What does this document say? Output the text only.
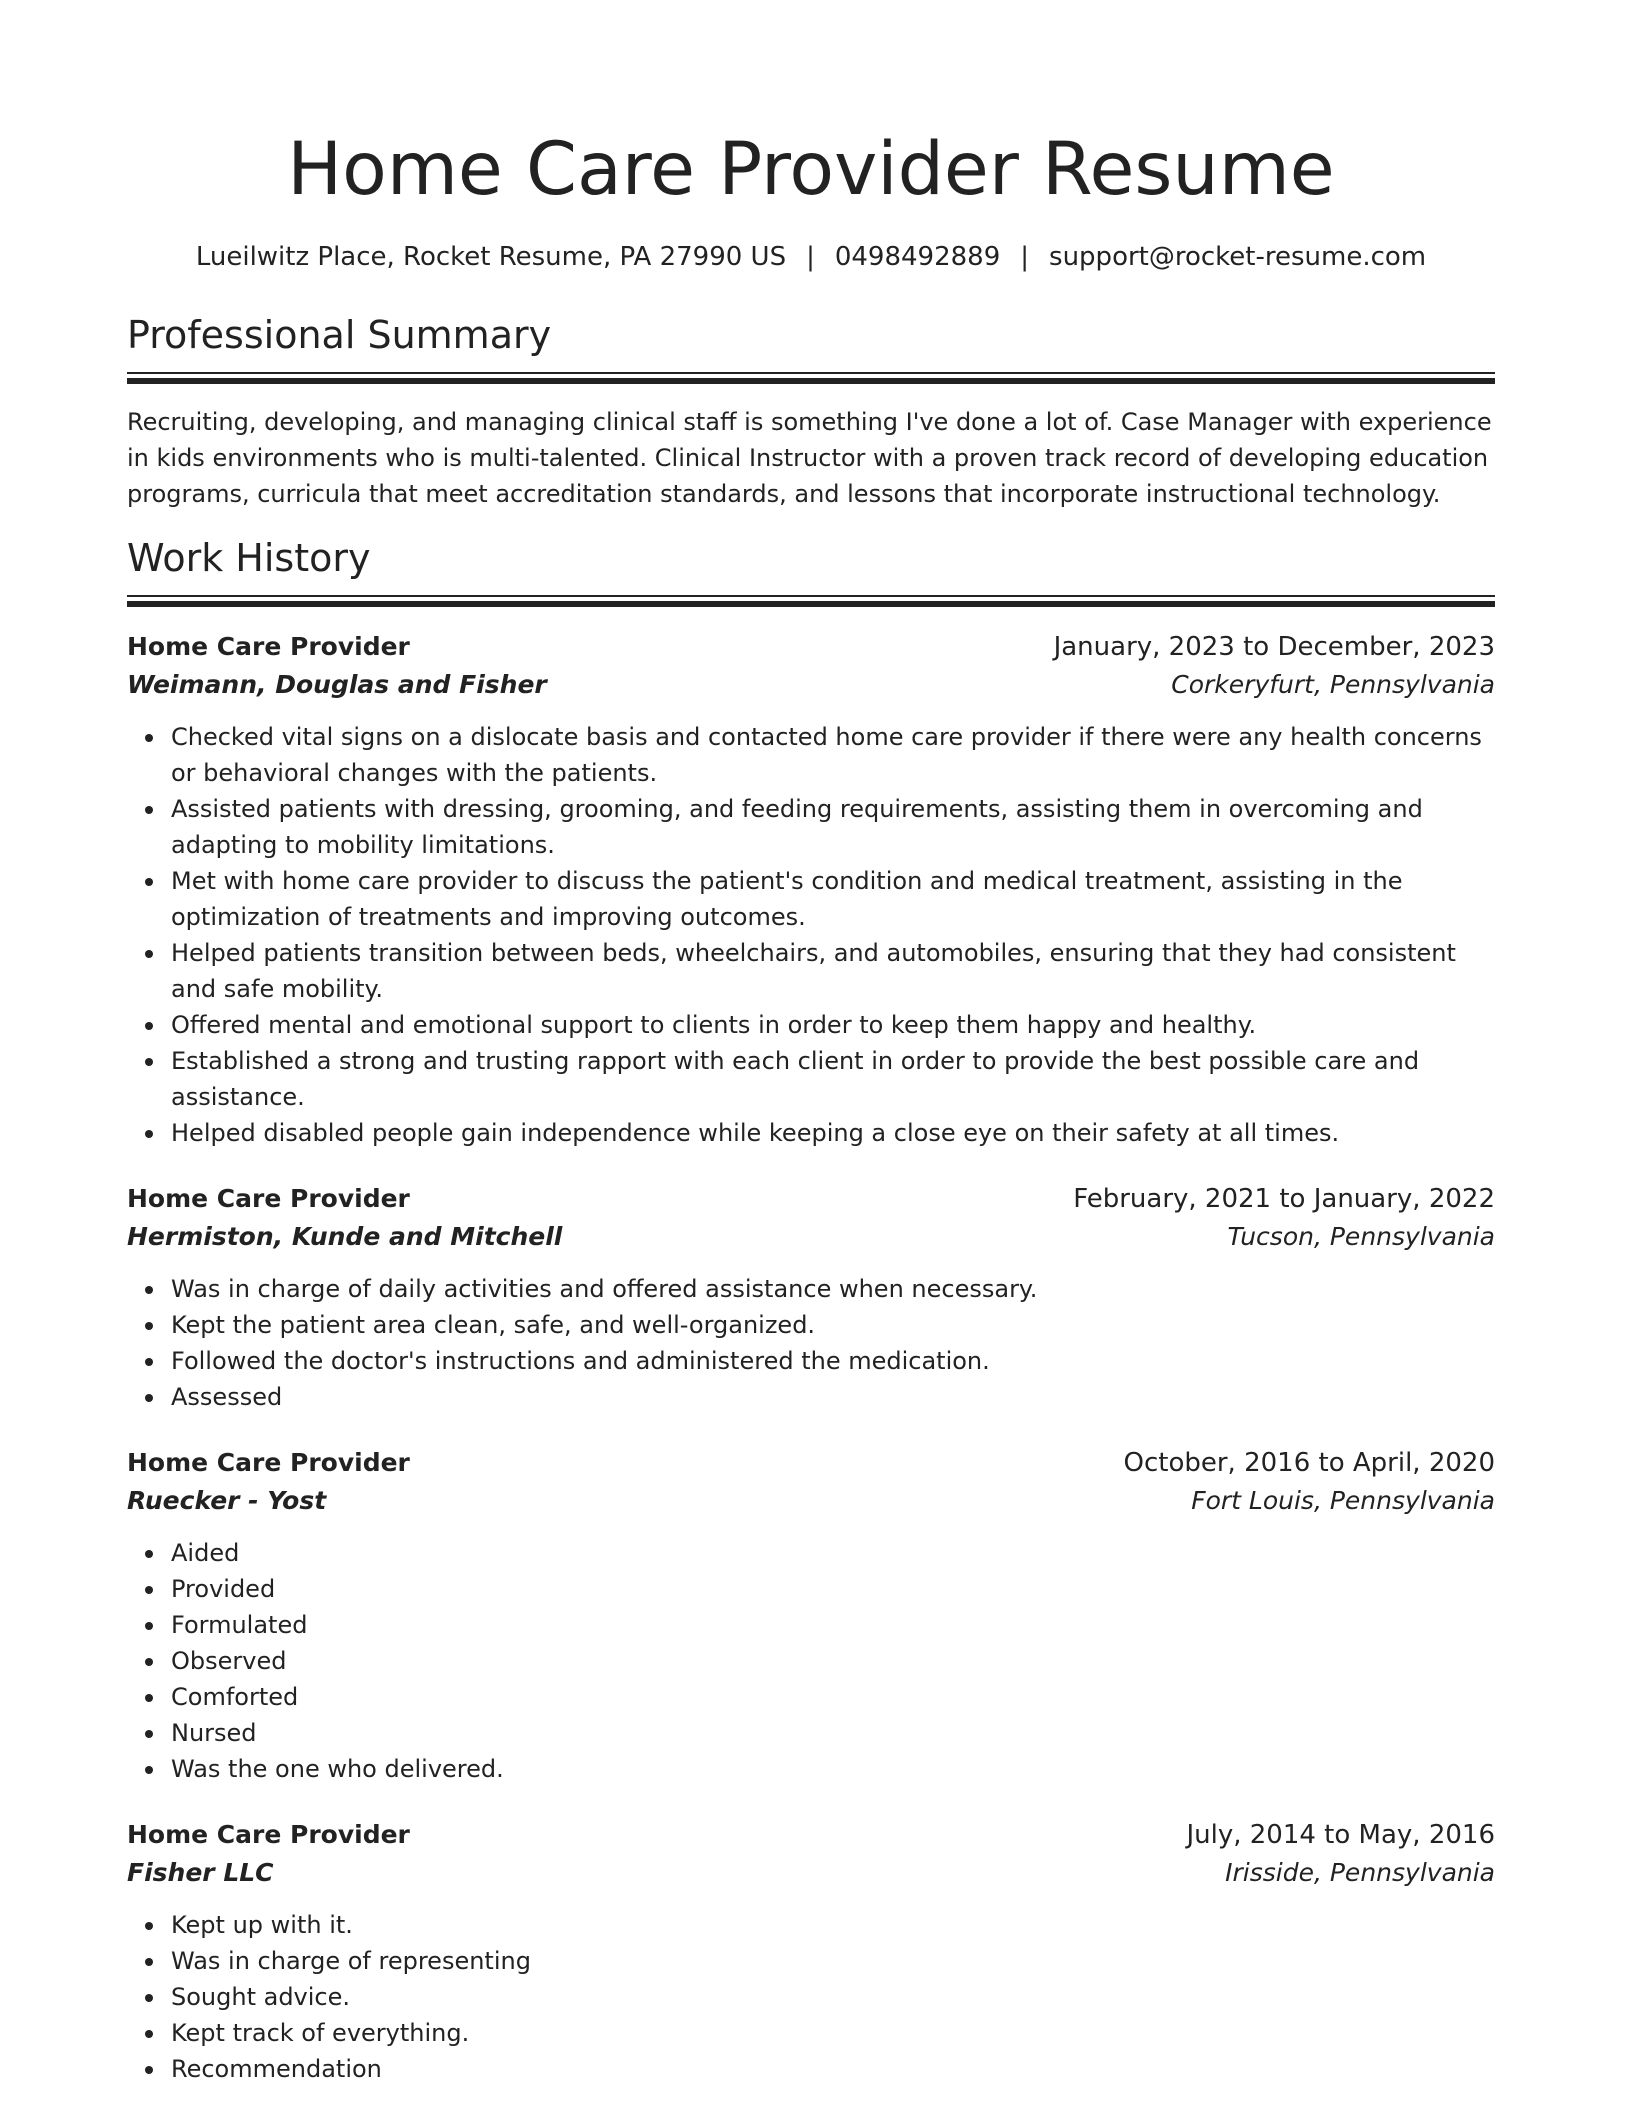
Home Care Provider Resume
Lueilwitz Place, Rocket Resume, PA 27990 US | 0498492889 | support@rocket-resume.com
Professional Summary

Recruiting, developing, and managing clinical staff is something I've done a lot of. Case Manager with experience in kids environments who is multi-talented. Clinical Instructor with a proven track record of developing education programs, curricula that meet accreditation standards, and lessons that incorporate instructional technology.

Work History
Home Care Provider	January, 2023 to December, 2023
Weimann, Douglas and Fisher	Corkeryfurt, Pennsylvania
Checked vital signs on a dislocate basis and contacted home care provider if there were any health concerns or behavioral changes with the patients.
Assisted patients with dressing, grooming, and feeding requirements, assisting them in overcoming and adapting to mobility limitations.
Met with home care provider to discuss the patient's condition and medical treatment, assisting in the optimization of treatments and improving outcomes.
Helped patients transition between beds, wheelchairs, and automobiles, ensuring that they had consistent and safe mobility.
Offered mental and emotional support to clients in order to keep them happy and healthy.
Established a strong and trusting rapport with each client in order to provide the best possible care and assistance.
Helped disabled people gain independence while keeping a close eye on their safety at all times.
Home Care Provider	February, 2021 to January, 2022
Hermiston, Kunde and Mitchell	Tucson, Pennsylvania
Was in charge of daily activities and offered assistance when necessary.
Kept the patient area clean, safe, and well-organized.
Followed the doctor's instructions and administered the medication.
Assessed
Home Care Provider	October, 2016 to April, 2020
Ruecker - Yost	Fort Louis, Pennsylvania
Aided
Provided
Formulated
Observed
Comforted
Nursed
Was the one who delivered.
Home Care Provider	July, 2014 to May, 2016
Fisher LLC	Irisside, Pennsylvania
Kept up with it.
Was in charge of representing
Sought advice.
Kept track of everything.
Recommendation
